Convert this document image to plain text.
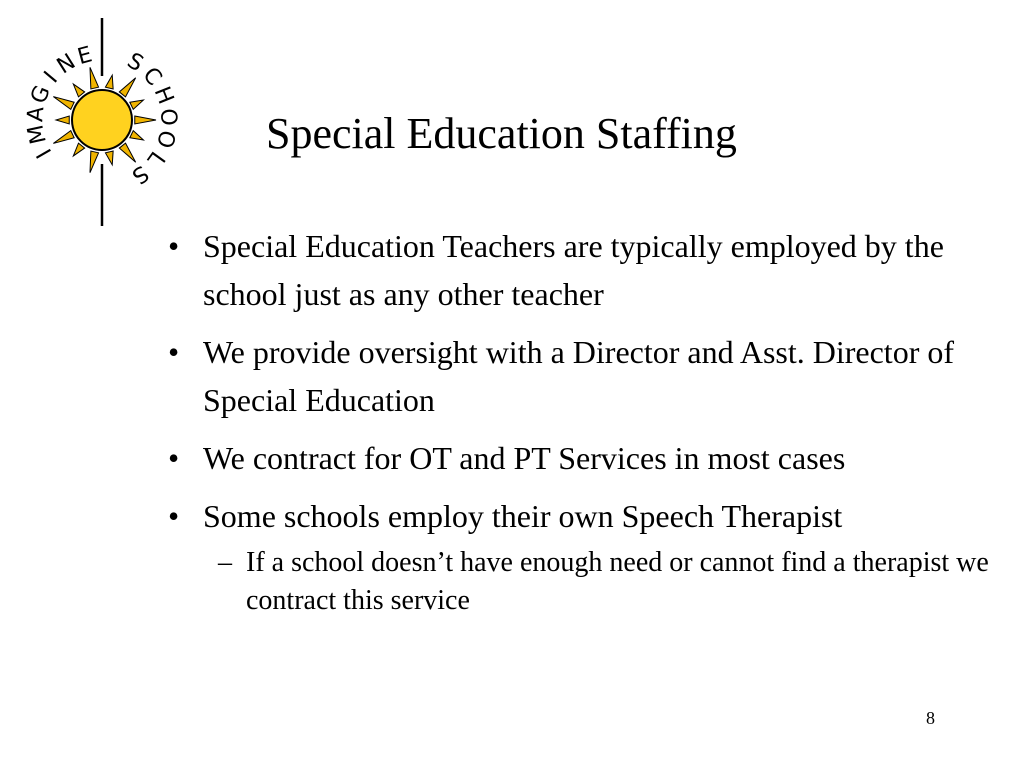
I
M
A
G
I
N
E S
C
H
O
O
L
S
Special Education Staffing
• Special Education Teachers are typically employed by the school just as any other teacher
• We provide oversight with a Director and Asst. Director of Special Education
• We contract for OT and PT Services in most cases
• Some schools employ their own Speech Therapist
– If a school doesn’t have enough need or cannot find a therapist we contract this service
8
